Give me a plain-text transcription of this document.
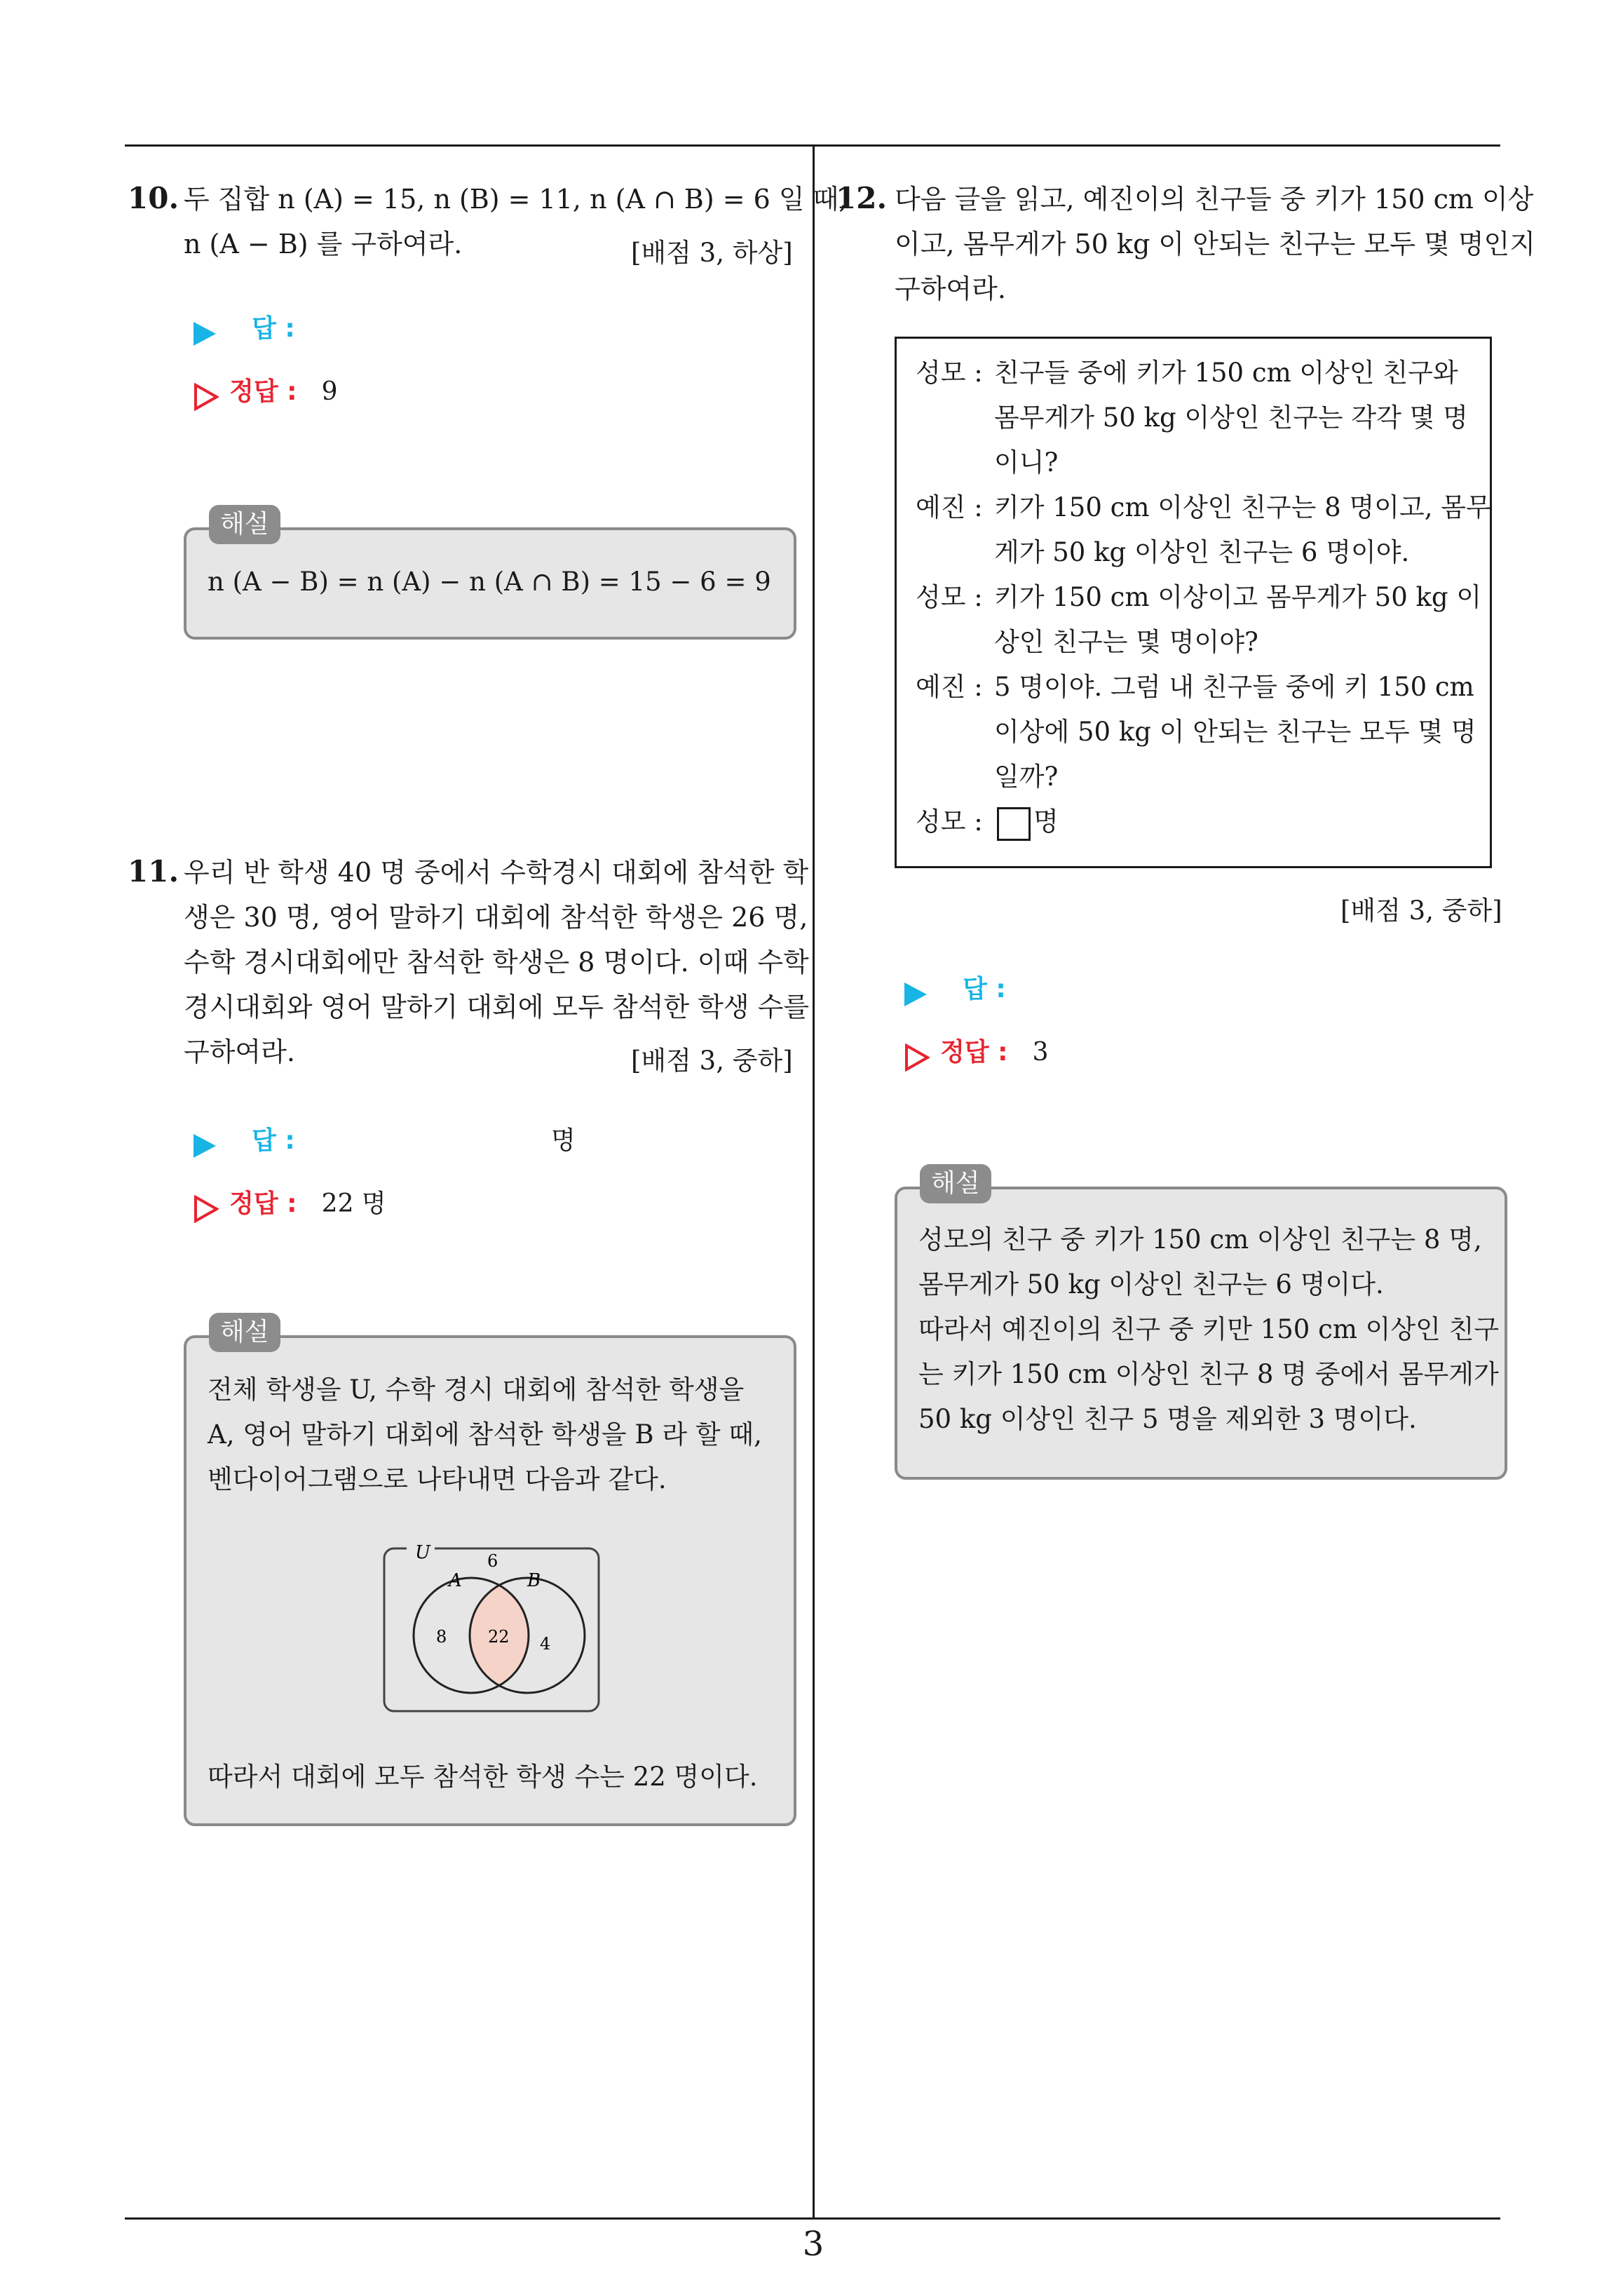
3
10. 두 집합 n (A) = 15, n (B) = 11, n (A ∩ B) = 6 일 때,
n (A − B) 를 구하여라.	[배점 3, 하상]
답 :
정답 : 9
해설
n (A − B) = n (A) − n (A ∩ B) = 15 − 6 = 9
11. 우리 반 학생 40 명 중에서 수학경시 대회에 참석한 학
생은 30 명, 영어 말하기 대회에 참석한 학생은 26 명,
수학 경시대회에만 참석한 학생은 8 명이다. 이때 수학
경시대회와 영어 말하기 대회에 모두 참석한 학생 수를
구하여라.	[배점 3, 중하]
답 :	명
정답 : 22 명
해설
전체 학생을 U, 수학 경시 대회에 참석한 학생을
A, 영어 말하기 대회에 참석한 학생을 B 라 할 때,
벤다이어그램으로 나타내면 다음과 같다.
U	6
A	B
8 22 4
따라서 대회에 모두 참석한 학생 수는 22 명이다.
12. 다음 글을 읽고, 예진이의 친구들 중 키가 150 cm 이상
이고, 몸무게가 50 kg 이 안되는 친구는 모두 몇 명인지
구하여라.
성모 : 친구들 중에 키가 150 cm 이상인 친구와
몸무게가 50 kg 이상인 친구는 각각 몇 명
이니?
예진 : 키가 150 cm 이상인 친구는 8 명이고, 몸무
게가 50 kg 이상인 친구는 6 명이야.
성모 : 키가 150 cm 이상이고 몸무게가 50 kg 이
상인 친구는 몇 명이야?
예진 : 5 명이야. 그럼 내 친구들 중에 키 150 cm
이상에 50 kg 이 안되는 친구는 모두 몇 명
일까?
성모 :	명
[배점 3, 중하]
답 :
정답 : 3
해설
성모의 친구 중 키가 150 cm 이상인 친구는 8 명,
몸무게가 50 kg 이상인 친구는 6 명이다.
따라서 예진이의 친구 중 키만 150 cm 이상인 친구
는 키가 150 cm 이상인 친구 8 명 중에서 몸무게가
50 kg 이상인 친구 5 명을 제외한 3 명이다.
